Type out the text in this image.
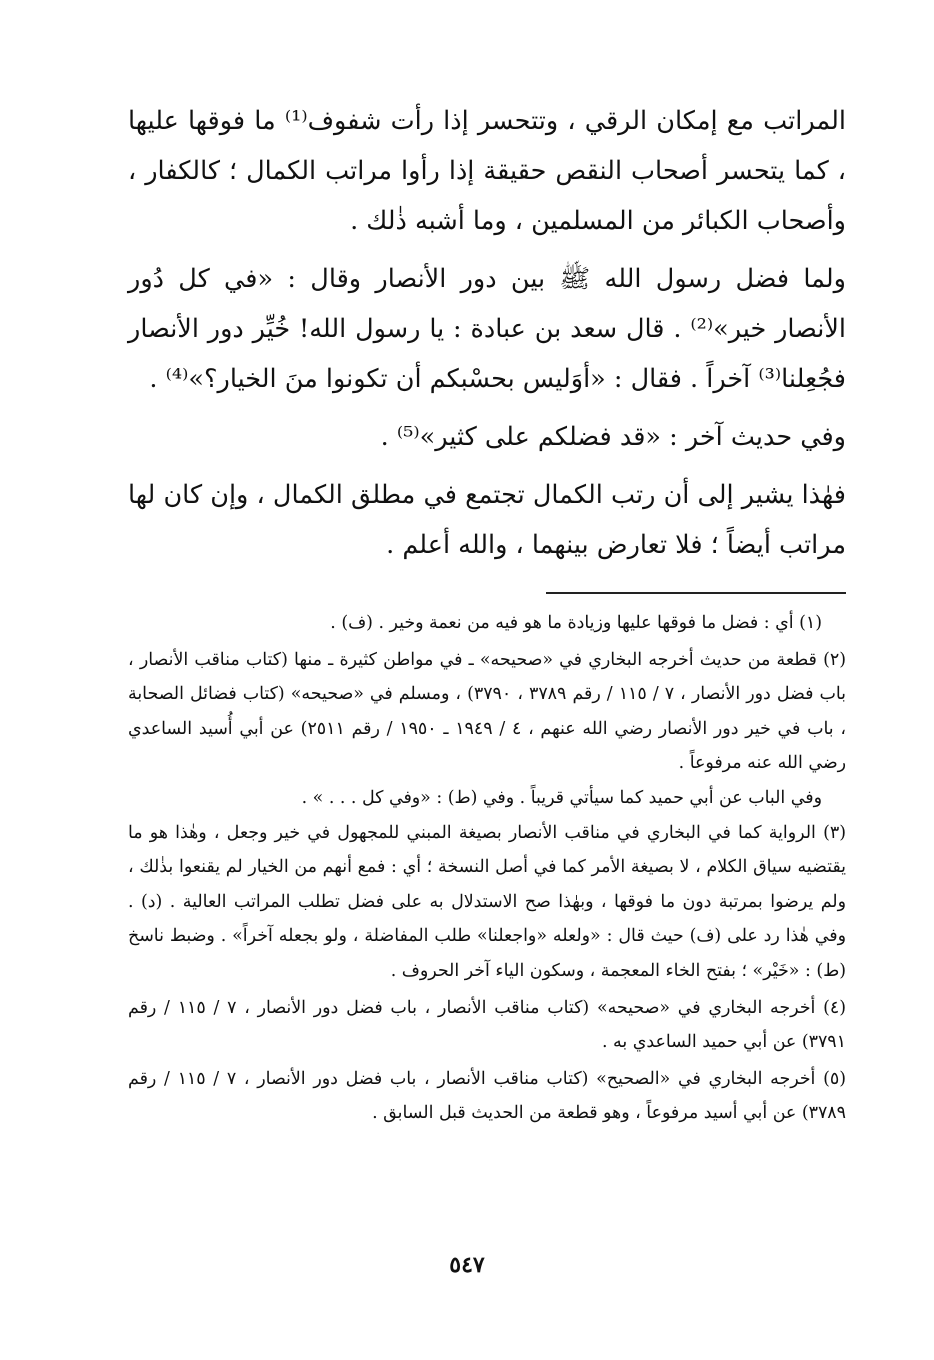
المراتب مع إمكان الرقي ، وتتحسر إذا رأت شفوف⁽¹⁾ ما فوقها عليها ، كما يتحسر أصحاب النقص حقيقة إذا رأوا مراتب الكمال ؛ كالكفار ، وأصحاب الكبائر من المسلمين ، وما أشبه ذٰلك .

ولما فضل رسول الله ﷺ بين دور الأنصار وقال : «في كل دُور الأنصار خير»⁽²⁾ . قال سعد بن عبادة : يا رسول الله! خُيِّر دور الأنصار فجُعِلنا⁽³⁾ آخراً . فقال : «أوَليس بحسْبكم أن تكونوا منَ الخيار؟»⁽⁴⁾ .

وفي حديث آخر : «قد فضلكم على كثير»⁽⁵⁾ .

فهٰذا يشير إلى أن رتب الكمال تجتمع في مطلق الكمال ، وإن كان لها مراتب أيضاً ؛ فلا تعارض بينهما ، والله أعلم .

(١) أي : فضل ما فوقها عليها وزيادة ما هو فيه من نعمة وخير . (ف) .

(٢) قطعة من حديث أخرجه البخاري في «صحيحه» ـ في مواطن كثيرة ـ منها (كتاب مناقب الأنصار ، باب فضل دور الأنصار ، ٧ / ١١٥ / رقم ٣٧٨٩ ، ٣٧٩٠) ، ومسلم في «صحيحه» (كتاب فضائل الصحابة ، باب في خير دور الأنصار رضي الله عنهم ، ٤ / ١٩٤٩ ـ ١٩٥٠ / رقم ٢٥١١) عن أبي أُسيد الساعدي رضي الله عنه مرفوعاً .

وفي الباب عن أبي حميد كما سيأتي قريباً . وفي (ط) : «وفي كل . . . » .

(٣) الرواية كما في البخاري في مناقب الأنصار بصيغة المبني للمجهول في خير وجعل ، وهٰذا هو ما يقتضيه سياق الكلام ، لا بصيغة الأمر كما في أصل النسخة ؛ أي : فمع أنهم من الخيار لم يقنعوا بذٰلك ، ولم يرضوا بمرتبة دون ما فوقها ، وبهٰذا صح الاستدلال به على فضل تطلب المراتب العالية . (د) . وفي هٰذا رد على (ف) حيث قال : «ولعله «واجعلنا» طلب المفاضلة ، ولو بجعله آخراً» . وضبط ناسخ (ط) : «خَيْر» ؛ بفتح الخاء المعجمة ، وسكون الياء آخر الحروف .

(٤) أخرجه البخاري في «صحيحه» (كتاب مناقب الأنصار ، باب فضل دور الأنصار ، ٧ / ١١٥ / رقم ٣٧٩١) عن أبي حميد الساعدي به .

(٥) أخرجه البخاري في «الصحيح» (كتاب مناقب الأنصار ، باب فضل دور الأنصار ، ٧ / ١١٥ / رقم ٣٧٨٩) عن أبي أسيد مرفوعاً ، وهو قطعة من الحديث قبل السابق .

٥٤٧
